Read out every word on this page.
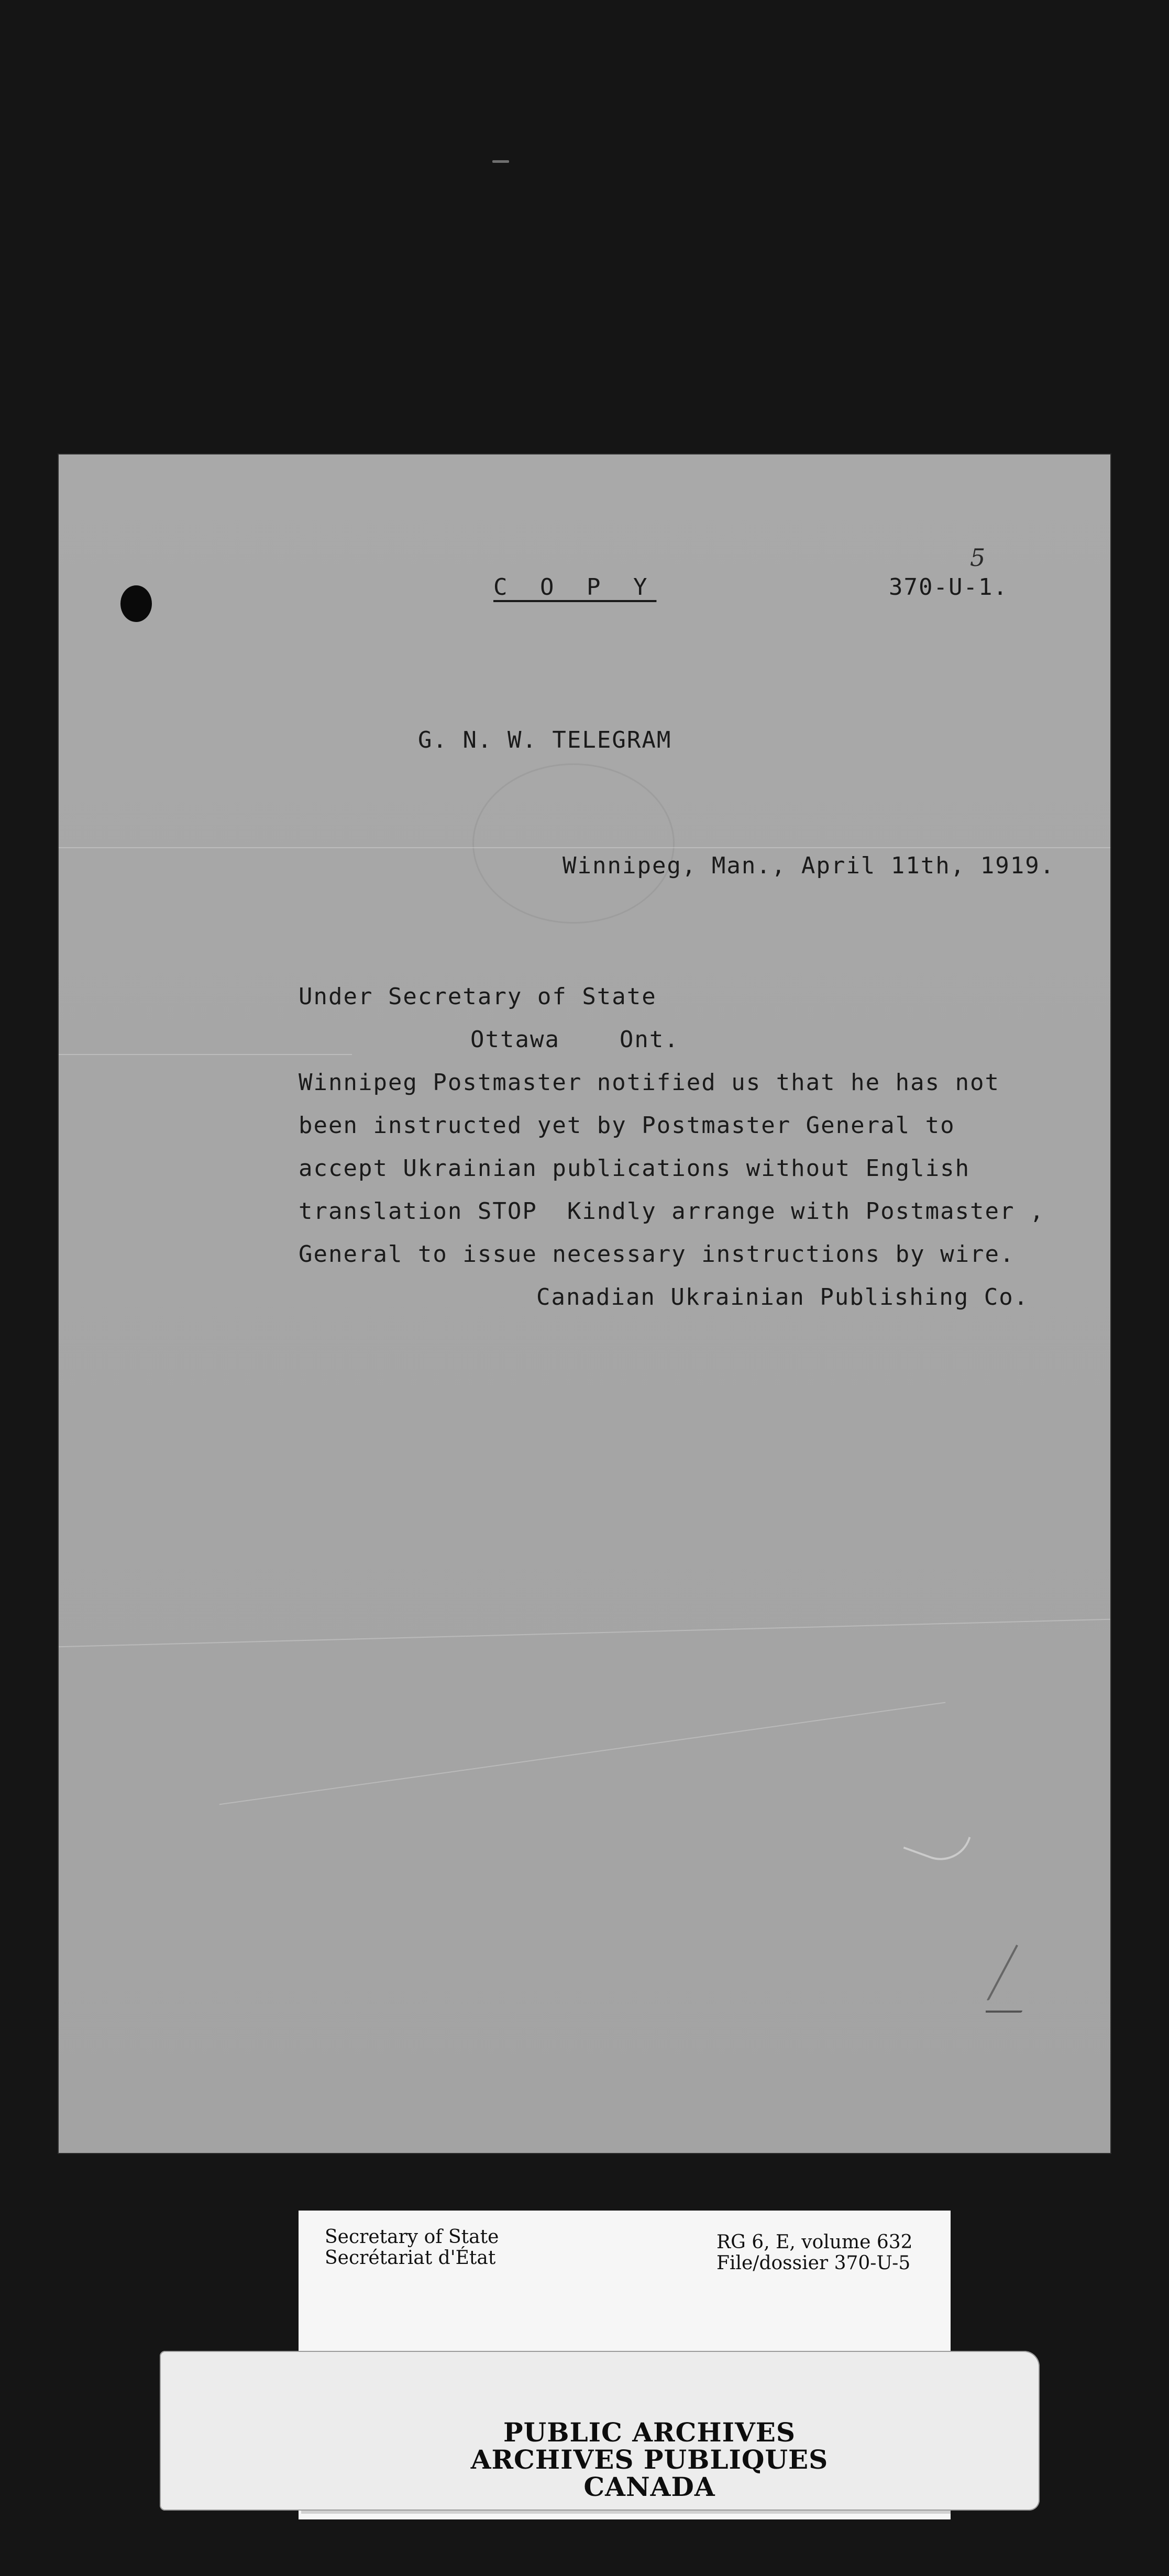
5
C O P Y	370-U-1.
G. N. W. TELEGRAM
Winnipeg, Man., April 11th, 1919.
Under Secretary of State
Ottawa    Ont.
Winnipeg Postmaster notified us that he has not
been instructed yet by Postmaster General to
accept Ukrainian publications without English
translation STOP  Kindly arrange with Postmaster ,
General to issue necessary instructions by wire.
Canadian Ukrainian Publishing Co.
Secretary of State
Secrétariat d'État
RG 6, E, volume 632
File/dossier 370-U-5
PUBLIC ARCHIVES
ARCHIVES PUBLIQUES
CANADA
